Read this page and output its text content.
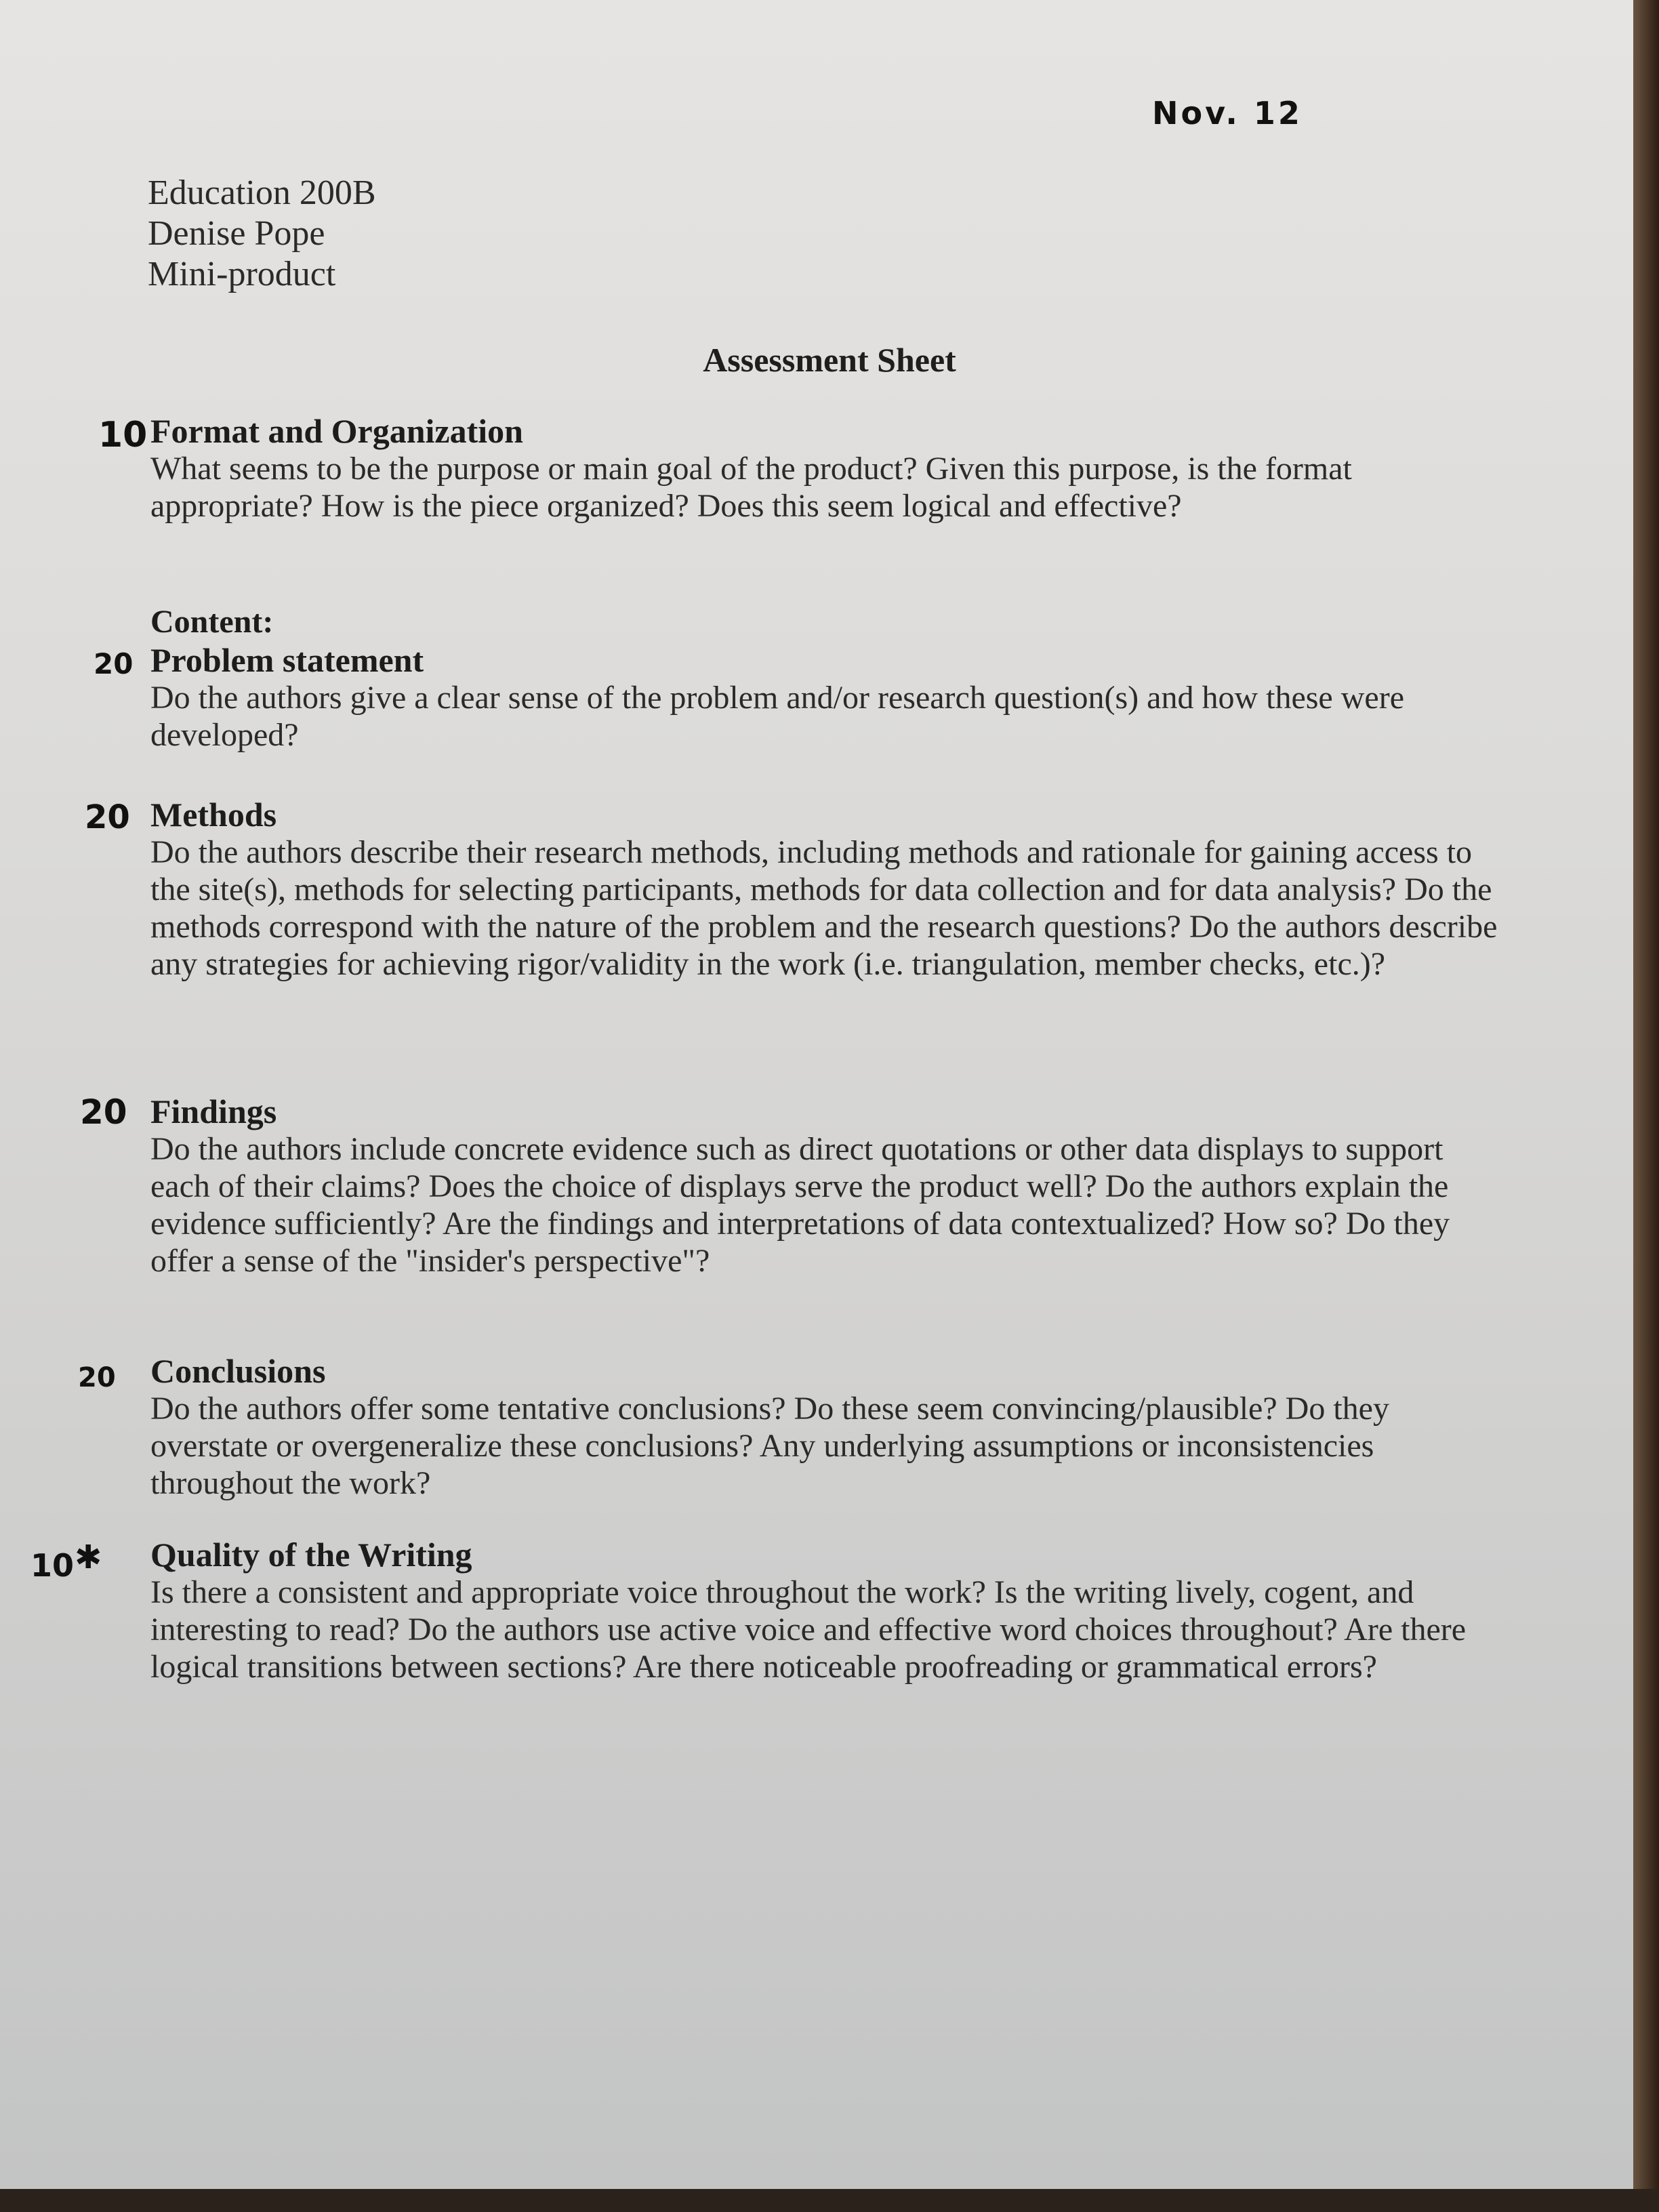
Nov. 12
Education 200B
Denise Pope
Mini-product
Assessment Sheet
10 Format and Organization
What seems to be the purpose or main goal of the product? Given this purpose, is the format appropriate? How is the piece organized? Does this seem logical and effective?
20
Content:
Problem statement
Do the authors give a clear sense of the problem and/or research question(s) and how these were developed?
20 Methods
Do the authors describe their research methods, including methods and rationale for gaining access to the site(s), methods for selecting participants, methods for data collection and for data analysis? Do the methods correspond with the nature of the problem and the research questions? Do the authors describe any strategies for achieving rigor/validity in the work (i.e. triangulation, member checks, etc.)?
20 Findings
Do the authors include concrete evidence such as direct quotations or other data displays to support each of their claims? Does the choice of displays serve the product well? Do the authors explain the evidence sufficiently? Are the findings and interpretations of data contextualized? How so? Do they offer a sense of the "insider's perspective"?
20 Conclusions
Do the authors offer some tentative conclusions? Do these seem convincing/plausible? Do they overstate or overgeneralize these conclusions? Any underlying assumptions or inconsistencies throughout the work?
10 ✱ Quality of the Writing
Is there a consistent and appropriate voice throughout the work? Is the writing lively, cogent, and interesting to read? Do the authors use active voice and effective word choices throughout? Are there logical transitions between sections? Are there noticeable proofreading or grammatical errors?
